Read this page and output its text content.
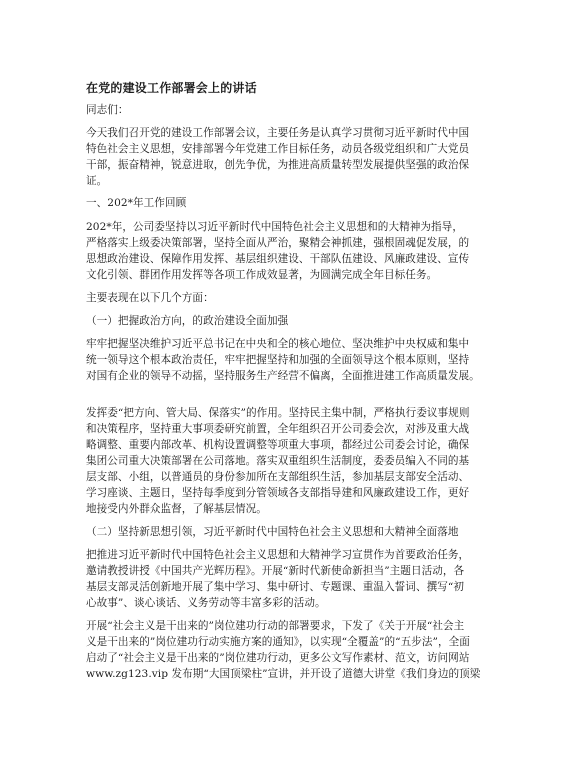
在党的建设工作部署会上的讲话
同志们：
今天我们召开党的建设工作部署会议，主要任务是认真学习贯彻习近平新时代中国
特色社会主义思想，安排部署今年党建工作目标任务，动员各级党组织和广大党员
干部，振奋精神，锐意进取，创先争优，为推进高质量转型发展提供坚强的政治保
证。
一、202*年工作回顾
202*年，公司委坚持以习近平新时代中国特色社会主义思想和的大精神为指导，
严格落实上级委决策部署，坚持全面从严治，聚精会神抓建，强根固魂促发展，的
思想政治建设、保障作用发挥、基层组织建设、干部队伍建设、风廉政建设、宣传
文化引领、群团作用发挥等各项工作成效显著，为圆满完成全年目标任务。
主要表现在以下几个方面：
（一）把握政治方向，的政治建设全面加强
牢牢把握坚决维护习近平总书记在中央和全的核心地位、坚决维护中央权威和集中
统一领导这个根本政治责任，牢牢把握坚持和加强的全面领导这个根本原则，坚持
对国有企业的领导不动摇，坚持服务生产经营不偏离，全面推进建工作高质量发展。
发挥委“把方向、管大局、保落实”的作用。坚持民主集中制，严格执行委议事规则
和决策程序，坚持重大事项委研究前置，全年组织召开公司委会次，对涉及重大战
略调整、重要内部改革、机构设置调整等项重大事项，都经过公司委会讨论，确保
集团公司重大决策部署在公司落地。落实双重组织生活制度，委委员编入不同的基
层支部、小组，以普通员的身份参加所在支部组织生活，参加基层支部安全活动、
学习座谈、主题日，坚持每季度到分管领域各支部指导建和风廉政建设工作，更好
地接受内外群众监督，了解基层情况。
（二）坚持新思想引领，习近平新时代中国特色社会主义思想和大精神全面落地
把推进习近平新时代中国特色社会主义思想和大精神学习宣贯作为首要政治任务，
邀请教授讲授《中国共产光辉历程》。开展“新时代新使命新担当”主题日活动，各
基层支部灵活创新地开展了集中学习、集中研讨、专题课、重温入誓词、撰写“初
心故事”、谈心谈话、义务劳动等丰富多彩的活动。
开展“社会主义是干出来的”岗位建功行动的部署要求，下发了《关于开展“社会主
义是干出来的”岗位建功行动实施方案的通知》，以实现“全覆盖”的“五步法”，全面
启动了“社会主义是干出来的”岗位建功行动，更多公文写作素材、范文，访问网站
www.zg123.vip 发布期“大国顶梁柱”宣讲，并开设了道德大讲堂《我们身边的顶梁
